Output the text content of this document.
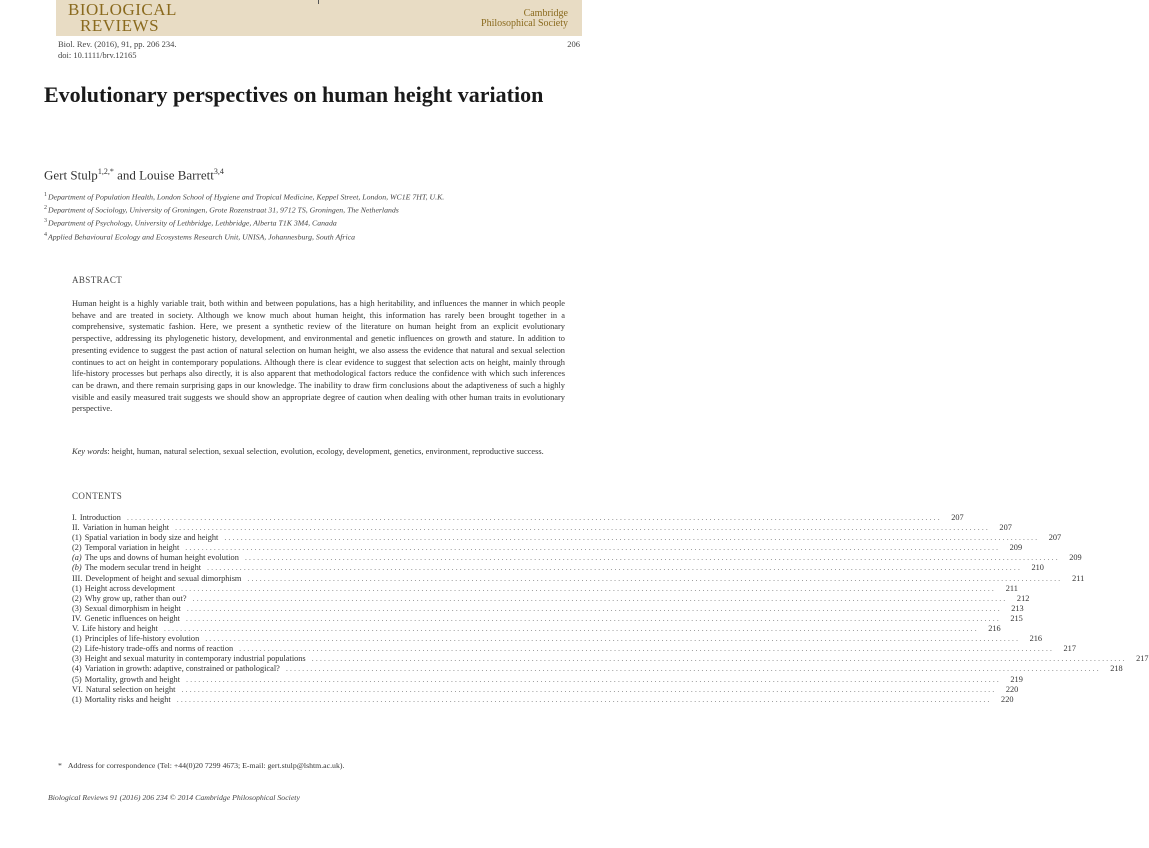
BIOLOGICAL
REVIEWS
Cambridge
Philosophical Society
Biol. Rev. (2016), 91, pp. 206 234.
doi: 10.1111/brv.12165
206
Evolutionary perspectives on human height variation
Gert Stulp$^{1,2,*}$ and Louise Barrett$^{3,4}$
$^1$Department of Population Health, London School of Hygiene and Tropical Medicine, Keppel Street, London, WC1E 7HT, U.K.
$^2$Department of Sociology, University of Groningen, Grote Rozenstraat 31, 9712 TS, Groningen, The Netherlands
$^3$Department of Psychology, University of Lethbridge, Lethbridge, Alberta T1K 3M4, Canada
$^4$Applied Behavioural Ecology and Ecosystems Research Unit, UNISA, Johannesburg, South Africa
ABSTRACT

Human height is a highly variable trait, both within and between populations, has a high heritability, and influences the manner in which people behave and are treated in society. Although we know much about human height, this information has rarely been brought together in a comprehensive, systematic fashion. Here, we present a synthetic review of the literature on human height from an explicit evolutionary perspective, addressing its phylogenetic history, development, and environmental and genetic influences on growth and stature. In addition to presenting evidence to suggest the past action of natural selection on human height, we also assess the evidence that natural and sexual selection continues to act on height in contemporary populations. Although there is clear evidence to suggest that selection acts on height, mainly through life-history processes but perhaps also directly, it is also apparent that methodological factors reduce the confidence with which such inferences can be drawn, and there remain surprising gaps in our knowledge. The inability to draw firm conclusions about the adaptiveness of such a highly visible and easily measured trait suggests we should show an appropriate degree of caution when dealing with other human traits in evolutionary perspective.

Key words: height, human, natural selection, sexual selection, evolution, ecology, development, genetics, environment, reproductive success.

CONTENTS
I. Introduction ........................................................................................................................................................................................................	207
II. Variation in human height ........................................................................................................................................................................................................	207
(1) Spatial variation in body size and height ........................................................................................................................................................................................................	207
(2) Temporal variation in height ........................................................................................................................................................................................................	209
(a) The ups and downs of human height evolution ........................................................................................................................................................................................................	209
(b) The modern secular trend in height ........................................................................................................................................................................................................	210
III. Development of height and sexual dimorphism ........................................................................................................................................................................................................	211
(1) Height across development ........................................................................................................................................................................................................	211
(2) Why grow up, rather than out? ........................................................................................................................................................................................................	212
(3) Sexual dimorphism in height ........................................................................................................................................................................................................	213
IV. Genetic influences on height ........................................................................................................................................................................................................	215
V. Life history and height ........................................................................................................................................................................................................	216
(1) Principles of life-history evolution ........................................................................................................................................................................................................	216
(2) Life-history trade-offs and norms of reaction ........................................................................................................................................................................................................	217
(3) Height and sexual maturity in contemporary industrial populations ........................................................................................................................................................................................................	217
(4) Variation in growth: adaptive, constrained or pathological? ........................................................................................................................................................................................................	218
(5) Mortality, growth and height ........................................................................................................................................................................................................	219
VI. Natural selection on height ........................................................................................................................................................................................................	220
(1) Mortality risks and height ........................................................................................................................................................................................................	220
* Address for correspondence (Tel: +44(0)20 7299 4673; E-mail: gert.stulp@lshtm.ac.uk).
Biological Reviews 91 (2016) 206 234 © 2014 Cambridge Philosophical Society
